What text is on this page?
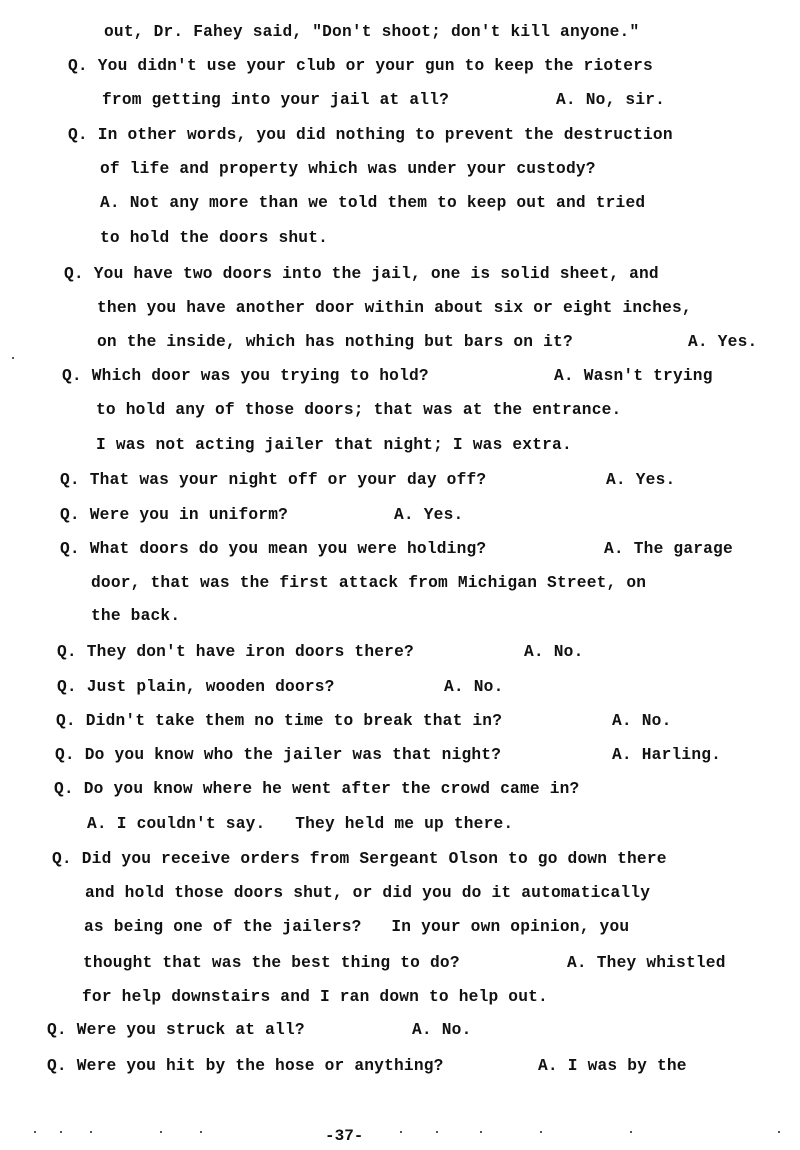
out, Dr. Fahey said, "Don't shoot; don't kill anyone."
Q. You didn't use your club or your gun to keep the rioters
from getting into your jail at all?	A. No, sir.
Q. In other words, you did nothing to prevent the destruction
of life and property which was under your custody?
A. Not any more than we told them to keep out and tried
to hold the doors shut.
Q. You have two doors into the jail, one is solid sheet, and
then you have another door within about six or eight inches,
on the inside, which has nothing but bars on it?	A. Yes.
Q. Which door was you trying to hold?	A. Wasn't trying
to hold any of those doors; that was at the entrance.
I was not acting jailer that night; I was extra.
Q. That was your night off or your day off?	A. Yes.
Q. Were you in uniform?	A. Yes.
Q. What doors do you mean you were holding?	A. The garage
door, that was the first attack from Michigan Street, on
the back.
Q. They don't have iron doors there?	A. No.
Q. Just plain, wooden doors?	A. No.
Q. Didn't take them no time to break that in?	A. No.
Q. Do you know who the jailer was that night?	A. Harling.
Q. Do you know where he went after the crowd came in?
A. I couldn't say.   They held me up there.
Q. Did you receive orders from Sergeant Olson to go down there
and hold those doors shut, or did you do it automatically
as being one of the jailers?   In your own opinion, you
thought that was the best thing to do?	A. They whistled
for help downstairs and I ran down to help out.
Q. Were you struck at all?	A. No.
Q. Were you hit by the hose or anything?	A. I was by the
-37-
